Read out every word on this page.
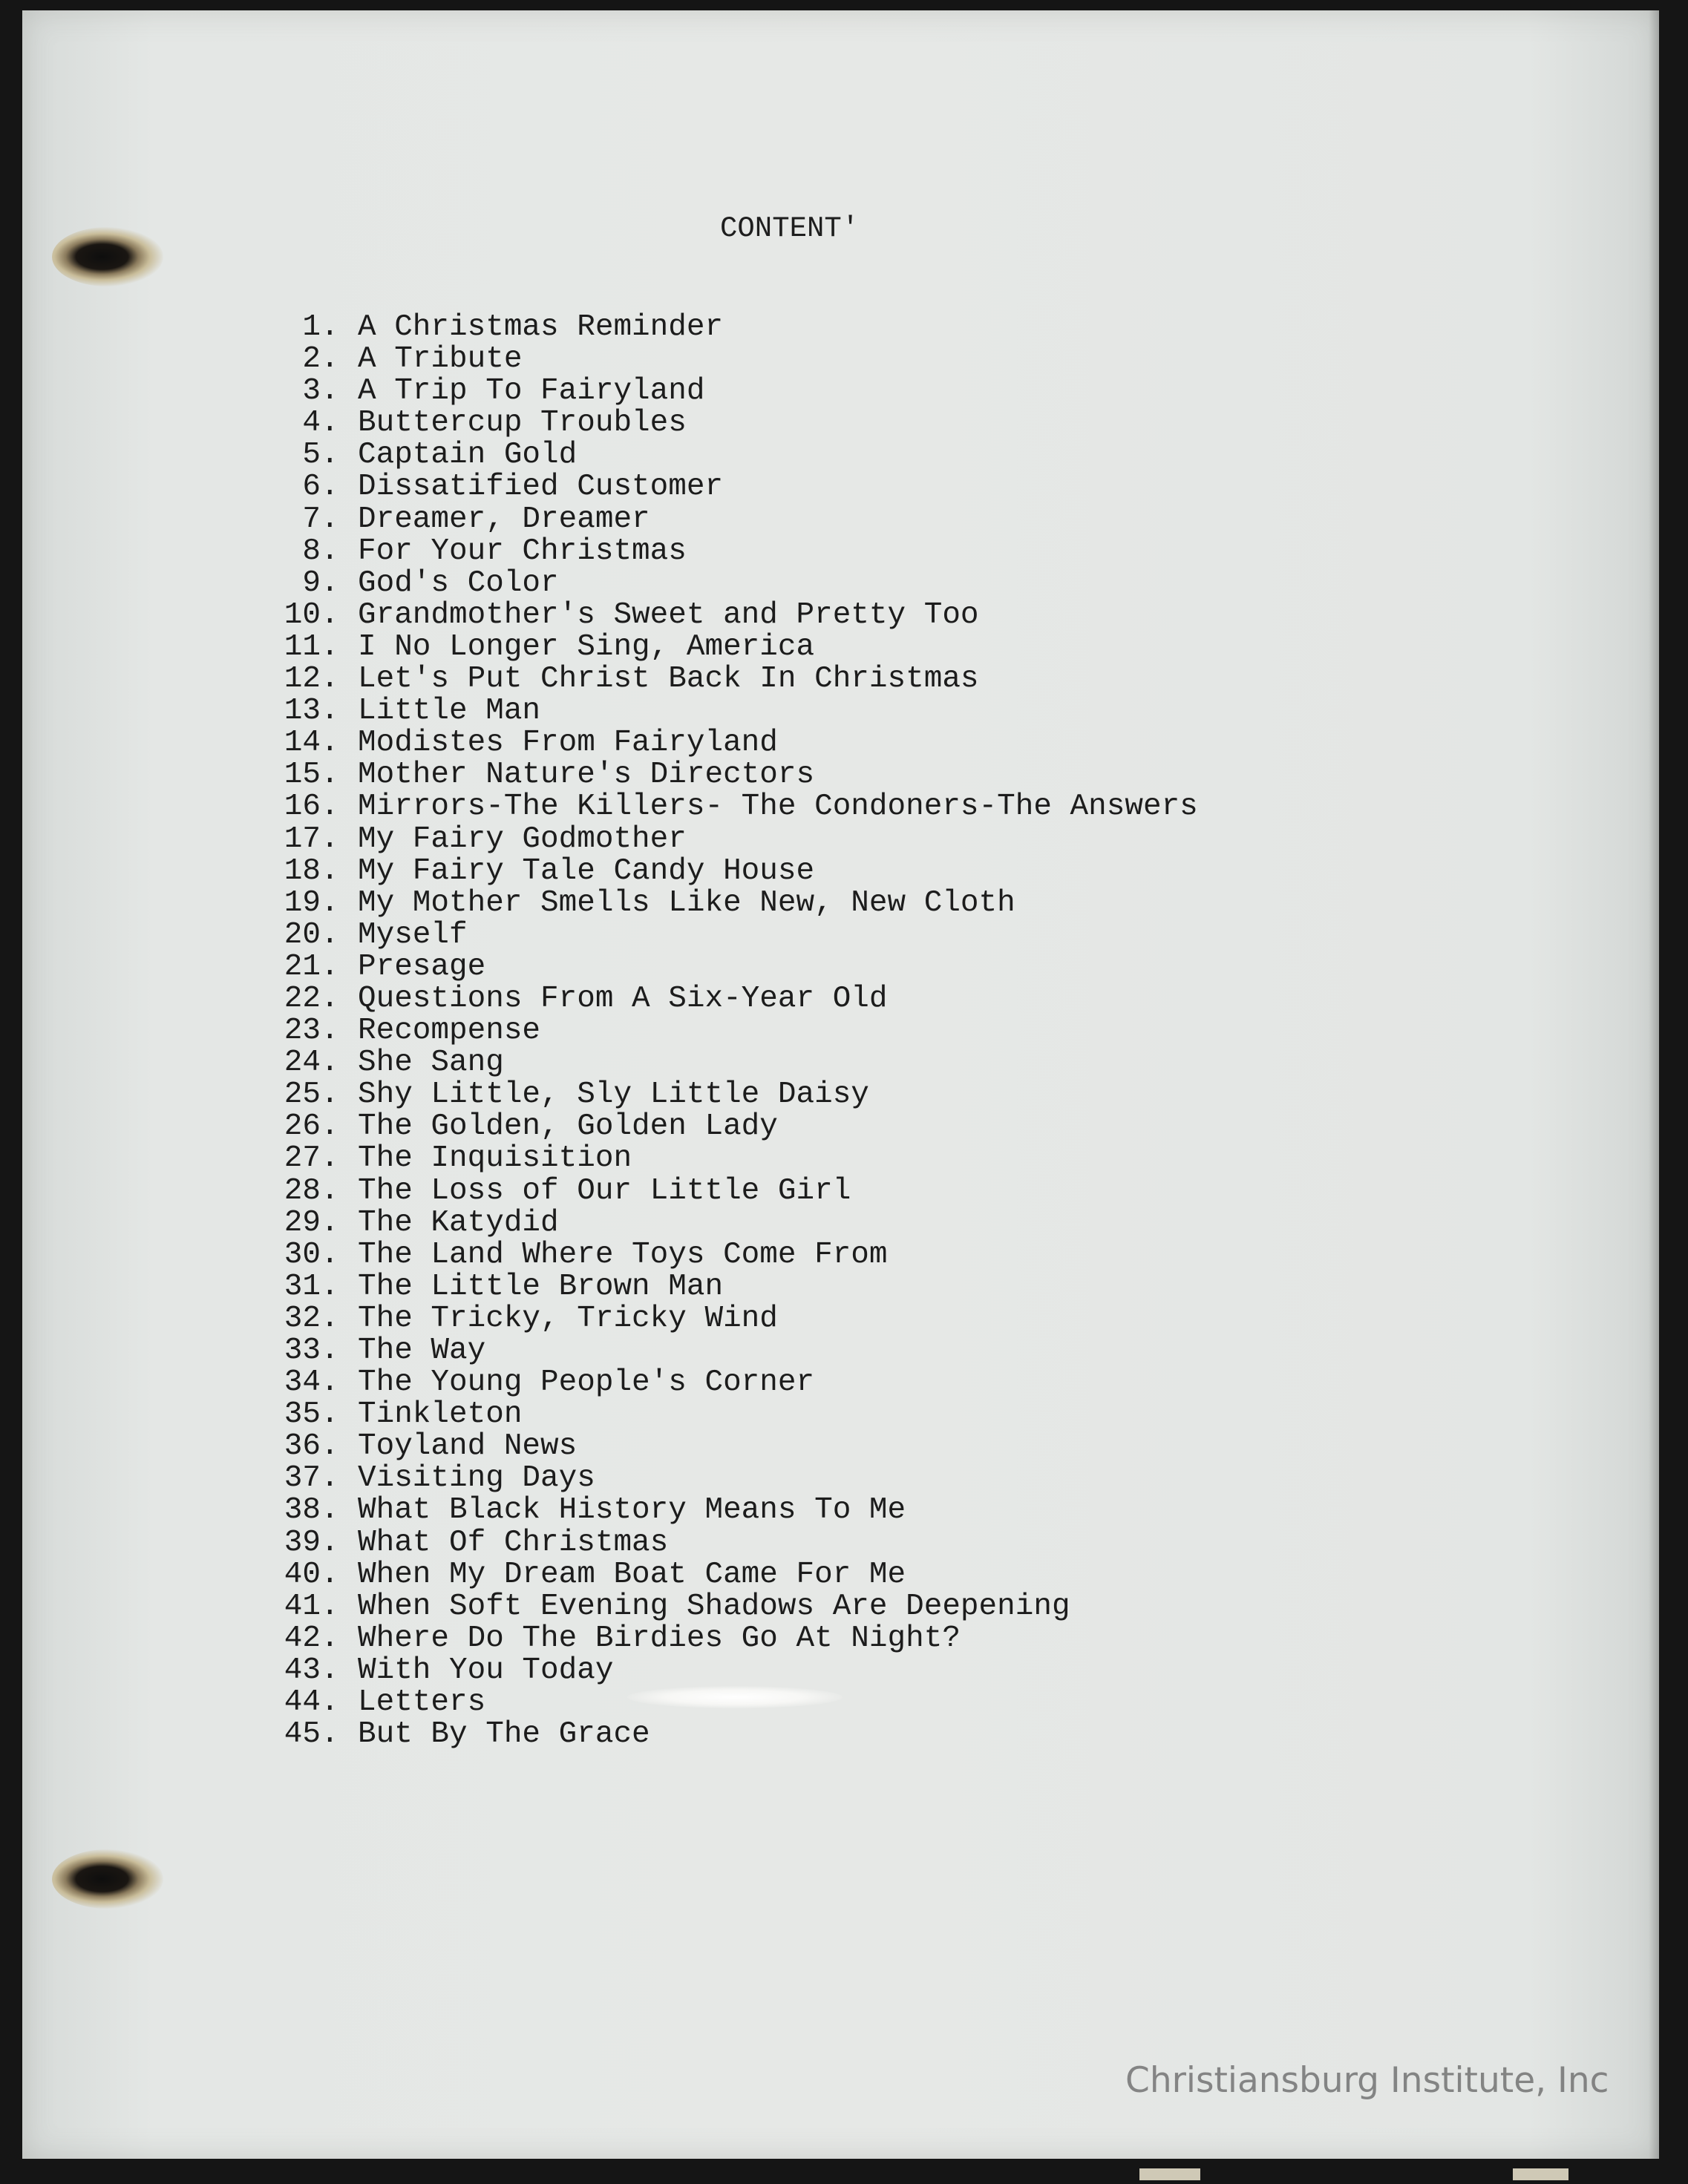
CONTENT'
1 . A Christmas Reminder
2 . A Tribute
3 . A Trip To Fairyland
4 . Buttercup Troubles
5 . Captain Gold
6 . Dissatified Customer
7 . Dreamer, Dreamer
8 . For Your Christmas
9 . God's Color
10 . Grandmother's Sweet and Pretty Too
11 . I No Longer Sing, America
12 . Let's Put Christ Back In Christmas
13 . Little Man
14 . Modistes From Fairyland
15 . Mother Nature's Directors
16 . Mirrors-The Killers- The Condoners-The Answers
17 . My Fairy Godmother
18 . My Fairy Tale Candy House
19 . My Mother Smells Like New, New Cloth
20 . Myself
21 . Presage
22 . Questions From A Six-Year Old
23 . Recompense
24 . She Sang
25 . Shy Little, Sly Little Daisy
26 . The Golden, Golden Lady
27 . The Inquisition
28 . The Loss of Our Little Girl
29 . The Katydid
30 . The Land Where Toys Come From
31 . The Little Brown Man
32 . The Tricky, Tricky Wind
33 . The Way
34 . The Young People's Corner
35 . Tinkleton
36 . Toyland News
37 . Visiting Days
38 . What Black History Means To Me
39 . What Of Christmas
40 . When My Dream Boat Came For Me
41 . When Soft Evening Shadows Are Deepening
42 . Where Do The Birdies Go At Night?
43 . With You Today
44 . Letters
45 . But By The Grace
Christiansburg Institute, Inc
